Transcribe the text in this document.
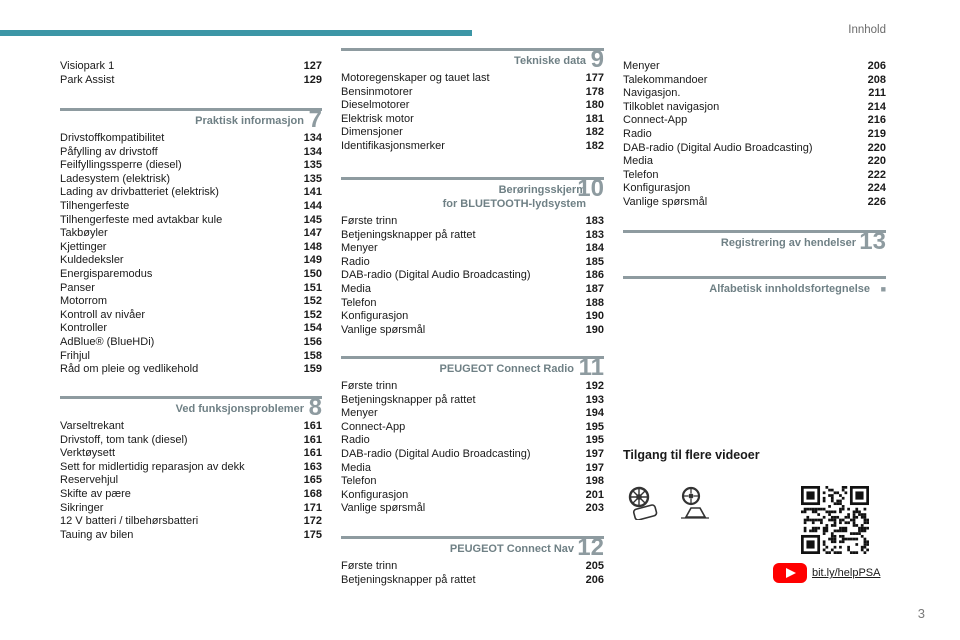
Innhold
Visiopark 1	127
Park Assist	129
Praktisk informasjon 7
Drivstoffkompatibilitet	134
Påfylling av drivstoff	134
Feilfyllingssperre (diesel)	135
Ladesystem (elektrisk)	135
Lading av drivbatteriet (elektrisk)	141
Tilhengerfeste	144
Tilhengerfeste med avtakbar kule	145
Takbøyler	147
Kjettinger	148
Kuldedeksler	149
Energisparemodus	150
Panser	151
Motorrom	152
Kontroll av nivåer	152
Kontroller	154
AdBlue® (BlueHDi)	156
Frihjul	158
Råd om pleie og vedlikehold	159
Ved funksjonsproblemer 8
Varseltrekant	161
Drivstoff, tom tank (diesel)	161
Verktøysett	161
Sett for midlertidig reparasjon av dekk	163
Reservehjul	165
Skifte av pære	168
Sikringer	171
12 V batteri / tilbehørsbatteri	172
Tauing av bilen	175
Tekniske data 9
Motoregenskaper og tauet last	177
Bensinmotorer	178
Dieselmotorer	180
Elektrisk motor	181
Dimensjoner	182
Identifikasjonsmerker	182
Berøringsskjerm
for BLUETOOTH-lydsystem
10
Første trinn	183
Betjeningsknapper på rattet	183
Menyer	184
Radio	185
DAB-radio (Digital Audio Broadcasting)	186
Media	187
Telefon	188
Konfigurasjon	190
Vanlige spørsmål	190
PEUGEOT Connect Radio 11
Første trinn	192
Betjeningsknapper på rattet	193
Menyer	194
Connect-App	195
Radio	195
DAB-radio (Digital Audio Broadcasting)	197
Media	197
Telefon	198
Konfigurasjon	201
Vanlige spørsmål	203
PEUGEOT Connect Nav 12
Første trinn	205
Betjeningsknapper på rattet	206
Menyer	206
Talekommandoer	208
Navigasjon.	211
Tilkoblet navigasjon	214
Connect-App	216
Radio	219
DAB-radio (Digital Audio Broadcasting)	220
Media	220
Telefon	222
Konfigurasjon	224
Vanlige spørsmål	226
Registrering av hendelser 13
Alfabetisk innholdsfortegnelse ■
Tilgang til flere videoer
bit.ly/helpPSA
3
